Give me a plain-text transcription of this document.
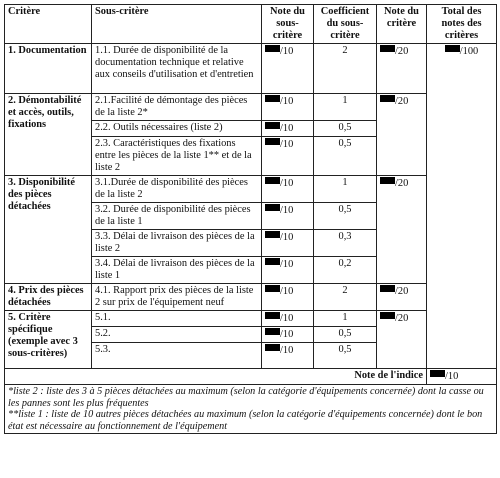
Critère	Sous-critère	Note du sous-critère	Coefficient du sous-critère	Note du critère	Total des notes des critères
1. Documentation	1.1. Durée de disponibilité de la documentation technique et relative aux conseils d'utilisation et d'entretien	/10	2	/20	/100
2. Démontabilité et accès, outils, fixations	2.1.Facilité de démontage des pièces de la liste 2*	/10	1	/20	
	2.2. Outils nécessaires (liste 2)	/10	0,5		
	2.3. Caractéristiques des fixations entre les pièces de la liste 1** et de la liste 2	/10	0,5		
3. Disponibilité des pièces détachées	3.1.Durée de disponibilité des pièces de la liste 2	/10	1	/20	
	3.2. Durée de disponibilité des pièces de la liste 1	/10	0,5		
	3.3. Délai de livraison des pièces de la liste 2	/10	0,3		
	3.4. Délai de livraison des pièces de la liste 1	/10	0,2		
4. Prix des pièces détachées	4.1. Rapport prix des pièces de la liste 2 sur prix de l'équipement neuf	/10	2	/20	
5. Critère spécifique (exemple avec 3 sous-critères)	5.1.	/10	1	/20	
	5.2.	/10	0,5		
	5.3.	/10	0,5		
Note de l'indice					/10

*liste 2 : liste des 3 à 5 pièces détachées au maximum (selon la catégorie d'équipements concernée) dont la casse ou les pannes sont les plus fréquentes
**liste 1 : liste de 10 autres pièces détachées au maximum (selon la catégorie d'équipements concernée) dont le bon état est nécessaire au fonctionnement de l'équipement					
